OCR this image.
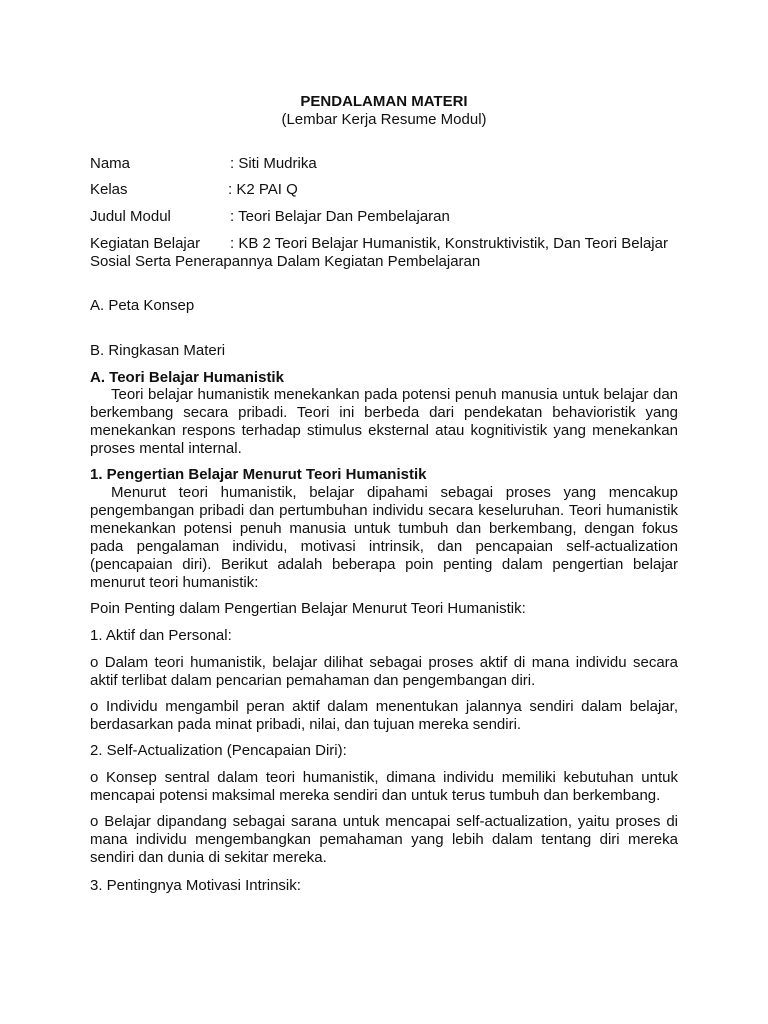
PENDALAMAN MATERI
(Lembar Kerja Resume Modul)
Nama	: Siti Mudrika
Kelas	: K2 PAI Q
Judul Modul	: Teori Belajar Dan Pembelajaran
Kegiatan Belajar : KB 2 Teori Belajar Humanistik, Konstruktivistik, Dan Teori Belajar
Sosial Serta Penerapannya Dalam Kegiatan Pembelajaran
A. Peta Konsep
B. Ringkasan Materi
A. Teori Belajar Humanistik
Teori belajar humanistik menekankan pada potensi penuh manusia untuk belajar dan berkembang secara pribadi. Teori ini berbeda dari pendekatan behavioristik yang menekankan respons terhadap stimulus eksternal atau kognitivistik yang menekankan proses mental internal.
1. Pengertian Belajar Menurut Teori Humanistik
Menurut teori humanistik, belajar dipahami sebagai proses yang mencakup pengembangan pribadi dan pertumbuhan individu secara keseluruhan. Teori humanistik menekankan potensi penuh manusia untuk tumbuh dan berkembang, dengan fokus pada pengalaman individu, motivasi intrinsik, dan pencapaian self-actualization (pencapaian diri). Berikut adalah beberapa poin penting dalam pengertian belajar menurut teori humanistik:
Poin Penting dalam Pengertian Belajar Menurut Teori Humanistik:
1. Aktif dan Personal:
o Dalam teori humanistik, belajar dilihat sebagai proses aktif di mana individu secara aktif terlibat dalam pencarian pemahaman dan pengembangan diri.
o Individu mengambil peran aktif dalam menentukan jalannya sendiri dalam belajar, berdasarkan pada minat pribadi, nilai, dan tujuan mereka sendiri.
2. Self-Actualization (Pencapaian Diri):
o Konsep sentral dalam teori humanistik, dimana individu memiliki kebutuhan untuk mencapai potensi maksimal mereka sendiri dan untuk terus tumbuh dan berkembang.
o Belajar dipandang sebagai sarana untuk mencapai self-actualization, yaitu proses di mana individu mengembangkan pemahaman yang lebih dalam tentang diri mereka sendiri dan dunia di sekitar mereka.
3. Pentingnya Motivasi Intrinsik:
